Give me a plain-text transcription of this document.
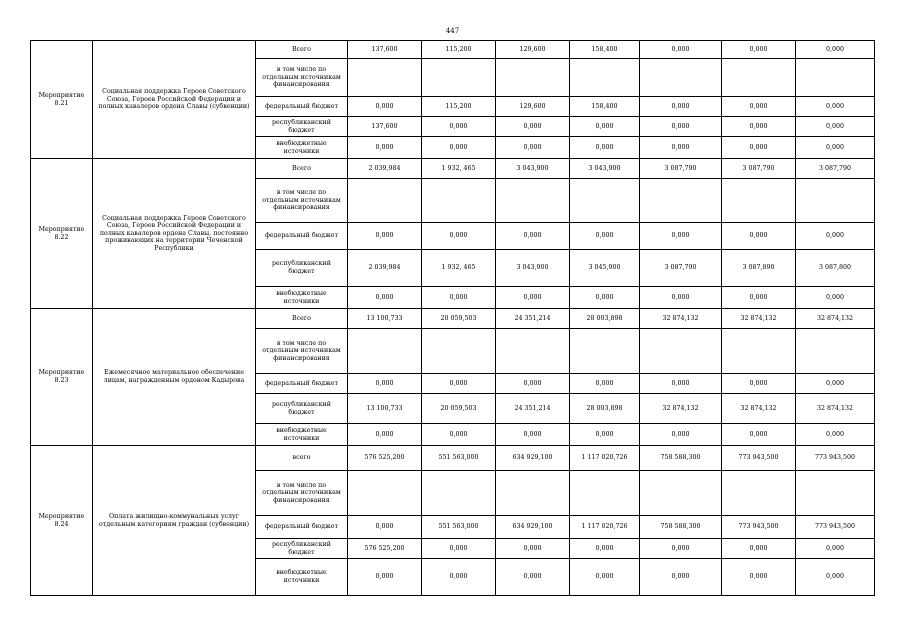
447
Мероприятие 8.21	Социальная поддержка Героев Советского Союза, Героев Российской Федерации и полных кавалеров ордена Славы (субвенции)	Всего	137,600	115,200	129,600	158,400	0,000	0,000	0,000
		в том числе по отдельным источникам финансирования							
		федеральный бюджет	0,000	115,200	129,600	158,400	0,000	0,000	0,000
		республиканский бюджет	137,600	0,000	0,000	0,000	0,000	0,000	0,000
		внебюджетные источники	0,000	0,000	0,000	0,000	0,000	0,000	0,000
Мероприятие 8.22	Социальная поддержка Героев Советского Союза, Героев Российской Федерации и полных кавалеров ордена Славы, постоянно проживающих на территории Чеченской Республики	Всего	2 039,984	1 932, 465	3 043,900	3 043,900	3 087,790	3 087,790	3 087,790
		в том числе по отдельным источникам финансирования							
		федеральный бюджет	0,000	0,000	0,000	0,000	0,000	0,000	0,000
		республиканский бюджет	2 039,984	1 932, 465	3 043,900	3 045,900	3 087,790	3 087,890	3 087,800
		внебюджетные источники	0,000	0,000	0,000	0,000	0,000	0,000	0,000
Мероприятие 8.23	Ежемесячное материальное обеспечение лицам, награжденным орденом Кадырова	Всего	13 100,733	20 059,503	24 351,214	28 003,898	32 874,132	32 874,132	32 874,132
		в том числе по отдельным источникам финансирования							
		федеральный бюджет	0,000	0,000	0,000	0,000	0,000	0,000	0,000
		республиканский бюджет	13 100,733	20 059,503	24 351,214	28 003,898	32 874,132	32 874,132	32 874,132
		внебюджетные источники	0,000	0,000	0,000	0,000	0,000	0,000	0,000
Мероприятие 8.24	Оплата жилищно-коммунальных услуг отдельным категориям граждан (субвенции)	всего	576 525,200	551 563,000	634 929,100	1 117 020,726	758 588,300	773 943,500	773 943,500
		в том числе по отдельным источникам финансирования							
		федеральный бюджет	0,000	551 563,000	634 929,100	1 117 020,726	758 588,300	773 943,500	773 943,500
		республиканский бюджет	576 525,200	0,000	0,000	0,000	0,000	0,000	0,000
		внебюджетные источники	0,000	0,000	0,000	0,000	0,000	0,000	0,000
